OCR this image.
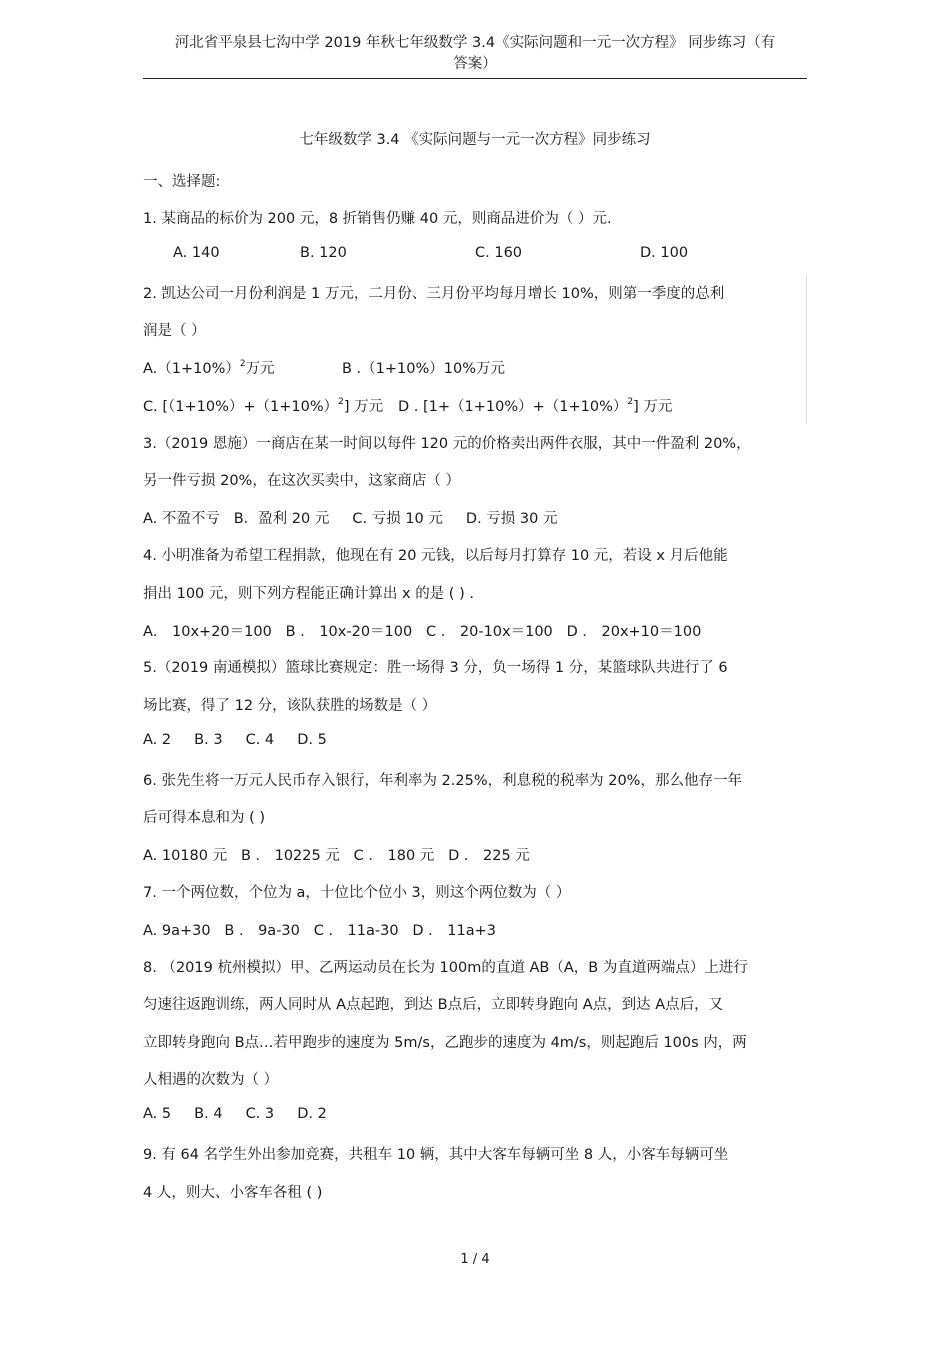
河北省平泉县七沟中学 2019 年秋七年级数学 3.4《实际问题和一元一次方程》 同步练习（有
答案）
七年级数学 3.4 《实际问题与一元一次方程》同步练习
一、选择题:
1. 某商品的标价为 200 元，8 折销售仍赚 40 元，则商品进价为（ ）元.
A. 140	B. 120	C. 160	D. 100
2. 凯达公司一月份利润是 1 万元，二月份、三月份平均每月增长 10%，则第一季度的总利
润是（ ）
$A.(1+10\%)^2$万元	B .（1+10%）10%万元
C. $[(1+10\%)+(1+10\%)^2]$ 万元 D . $[1+(1+10\%)+(1+10\%)^2]$ 万元
3.（2019 恩施）一商店在某一时间以每件 120 元的价格卖出两件衣服，其中一件盈利 20%，
另一件亏损 20%，在这次买卖中，这家商店（ ）
A. 不盈不亏   B．盈利 20 元     C. 亏损 10 元     D. 亏损 30 元
4. 小明准备为希望工程捐款，他现在有 20 元钱，以后每月打算存 10 元，若设 x 月后他能
捐出 100 元，则下列方程能正确计算出 x 的是 ( ) .
A． 10x+20＝100   B ． 10x-20＝100   C ． 20-10x＝100   D ． 20x+10＝100
5.（2019 南通模拟）篮球比赛规定：胜一场得 3 分，负一场得 1 分，某篮球队共进行了 6
场比赛，得了 12 分，该队获胜的场数是（ ）
A. 2     B. 3     C. 4     D. 5
6. 张先生将一万元人民币存入银行，年利率为 2.25%，利息税的税率为 20%，那么他存一年
后可得本息和为 ( )
A. 10180 元   B ． 10225 元   C ． 180 元   D ． 225 元
7. 一个两位数，个位为 a，十位比个位小 3，则这个两位数为（ ）
A. 9a+30   B ． 9a-30   C ． 11a-30   D ． 11a+3
8. （2019 杭州模拟）甲、乙两运动员在长为 100m的直道 AB（A，B 为直道两端点）上进行
匀速往返跑训练，两人同时从 A点起跑，到达 B点后，立即转身跑向 A点，到达 A点后，又
立即转身跑向 B点…若甲跑步的速度为 5m/s，乙跑步的速度为 4m/s，则起跑后 100s 内，两
人相遇的次数为（ ）
A. 5     B. 4     C. 3     D. 2
9. 有 64 名学生外出参加竞赛，共租车 10 辆，其中大客车每辆可坐 8 人，小客车每辆可坐
4 人，则大、小客车各租 ( )
1 / 4
